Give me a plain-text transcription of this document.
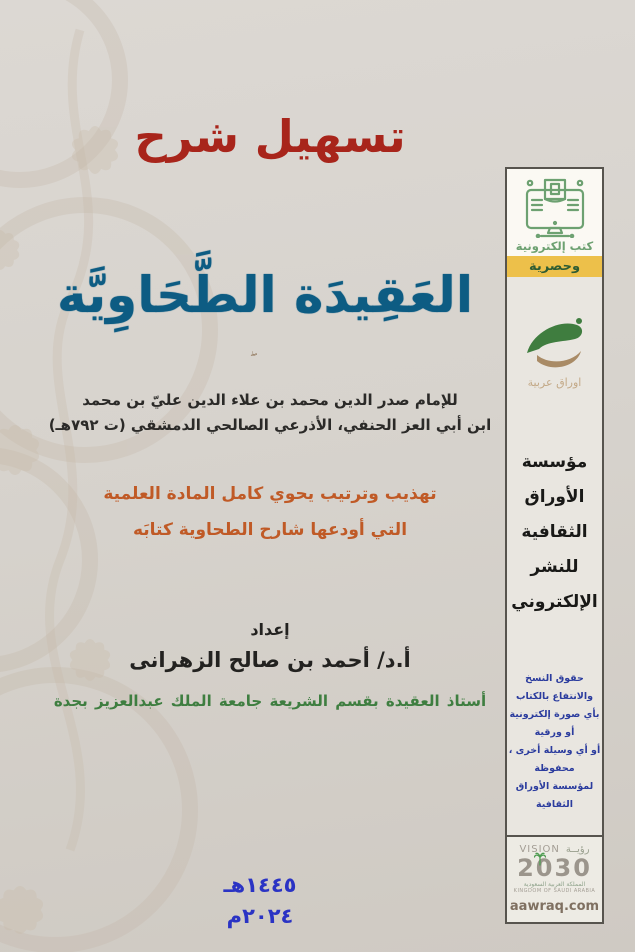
تسهيل شرح
العَقِيدَة الطَّحَاوِيَّة
للإمام صدر الدين محمد بن علاء الدين عليّ بن محمد
ابن أبي العز الحنفي، الأذرعي الصالحي الدمشقي (ت ٧٩٢هـ)
تهذيب وترتيب يحوي كامل المادة العلمية
التي أودعها شارح الطحاوية كتابَه
إعداد
أ.د/ أحمد بن صالح الزهرانى
أستاذ العقيدة بقسم الشريعة جامعة الملك عبدالعزيز بجدة
١٤٤٥هـ
٢٠٢٤م
كتب إلكترونية
وحصرية
اوراق عربية
مؤسسة
الأوراق
الثقافية
للنشر
الإلكتروني
حقوق النسخ والانتفاع بالكتاب
بأي صورة إلكترونية أو ورقية
أو أي وسيلة أخرى ، محفوظة
لمؤسسة الأوراق الثقافية
VISION رؤيــة
2030
المملكة العربية السعودية
KINGDOM OF SAUDI ARABIA
aawraq.com
